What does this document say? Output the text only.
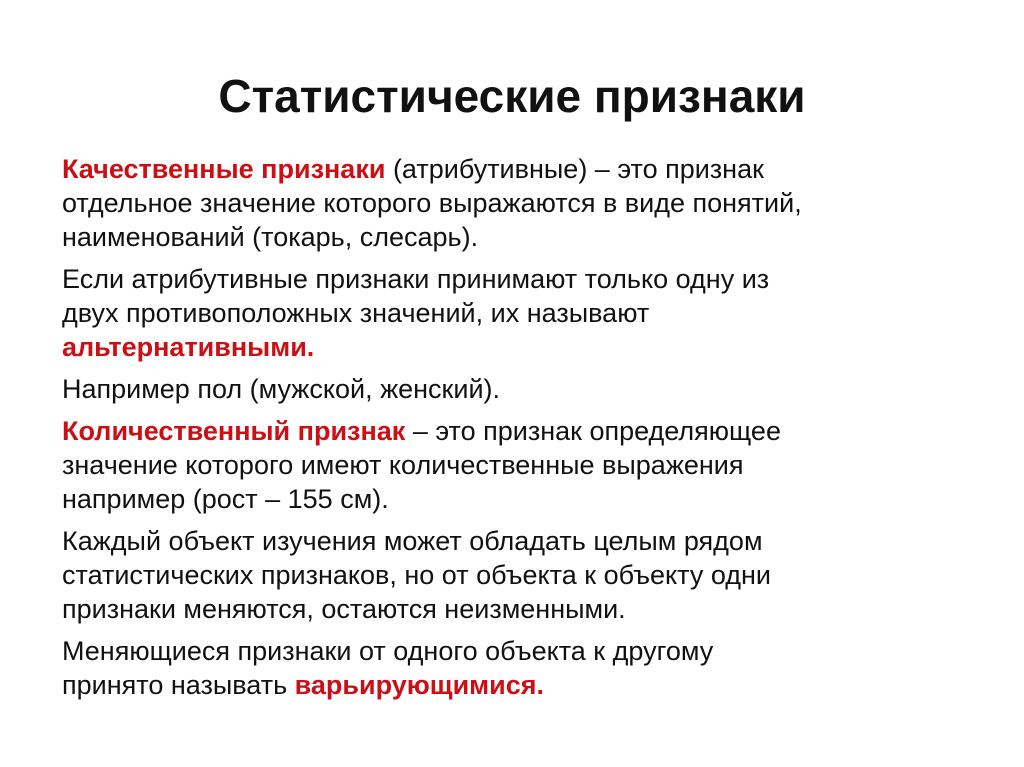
Статистические признаки

Качественные признаки (атрибутивные) – это признак
отдельное значение которого выражаются в виде понятий,
наименований (токарь, слесарь).

Если атрибутивные признаки принимают только одну из
двух противоположных значений, их называют
альтернативными.

Например пол (мужской, женский).

Количественный признак – это признак определяющее
значение которого имеют количественные выражения
например (рост – 155 см).

Каждый объект изучения может обладать целым рядом
статистических признаков, но от объекта к объекту одни
признаки меняются, остаются неизменными.

Меняющиеся признаки от одного объекта к другому
принято называть варьирующимися.
